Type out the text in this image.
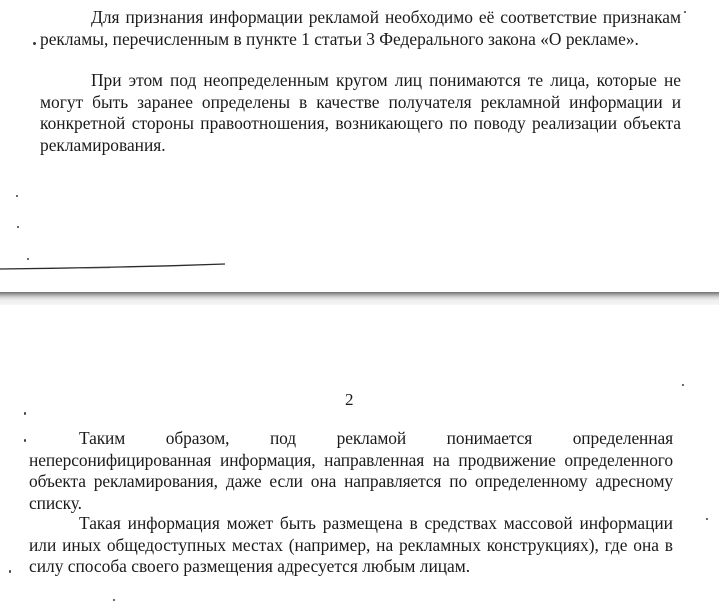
Для признания информации рекламой необходимо её соответствие признакам рекламы, перечисленным в пункте 1 статьи 3 Федерального закона «О рекламе».

При этом под неопределенным кругом лиц понимаются те лица, которые не могут быть заранее определены в качестве получателя рекламной информации и конкретной стороны правоотношения, возникающего по поводу реализации объекта рекламирования.

2

Таким образом, под рекламой понимается определенная неперсонифицированная информация, направленная на продвижение определенного объекта рекламирования, даже если она направляется по определенному адресному списку.

Такая информация может быть размещена в средствах массовой информации или иных общедоступных местах (например, на рекламных конструкциях), где она в силу способа своего размещения адресуется любым лицам.
